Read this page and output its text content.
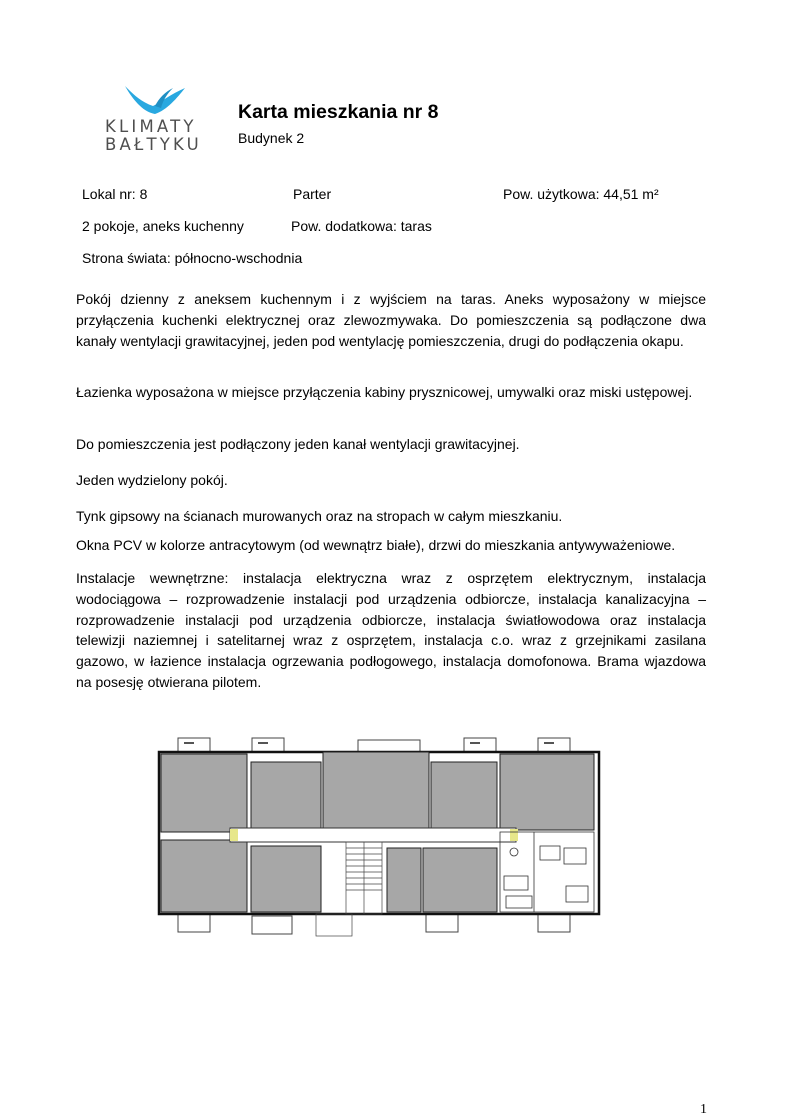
KLIMATY
BAŁTYKU
Karta mieszkania nr 8
Budynek 2
Lokal nr: 8	Parter	Pow. użytkowa: 44,51 m²
2 pokoje, aneks kuchenny	Pow. dodatkowa: taras
Strona świata: północno-wschodnia

Pokój dzienny z aneksem kuchennym i z wyjściem na taras. Aneks wyposażony w miejsce przyłączenia kuchenki elektrycznej oraz zlewozmywaka. Do pomieszczenia są podłączone dwa kanały wentylacji grawitacyjnej, jeden pod wentylację pomieszczenia, drugi do podłączenia okapu.

Łazienka wyposażona w miejsce przyłączenia kabiny prysznicowej, umywalki oraz miski ustępowej.

Do pomieszczenia jest podłączony jeden kanał wentylacji grawitacyjnej.

Jeden wydzielony pokój.

Tynk gipsowy na ścianach murowanych oraz na stropach w całym mieszkaniu.

Okna PCV w kolorze antracytowym (od wewnątrz białe), drzwi do mieszkania antywyważeniowe.

Instalacje wewnętrzne: instalacja elektryczna wraz z osprzętem elektrycznym, instalacja wodociągowa – rozprowadzenie instalacji pod urządzenia odbiorcze, instalacja kanalizacyjna – rozprowadzenie instalacji pod urządzenia odbiorcze, instalacja światłowodowa oraz instalacja telewizji naziemnej i satelitarnej wraz z osprzętem, instalacja c.o. wraz z grzejnikami zasilana gazowo, w łazience instalacja ogrzewania podłogowego, instalacja domofonowa. Brama wjazdowa na posesję otwierana pilotem.

1
